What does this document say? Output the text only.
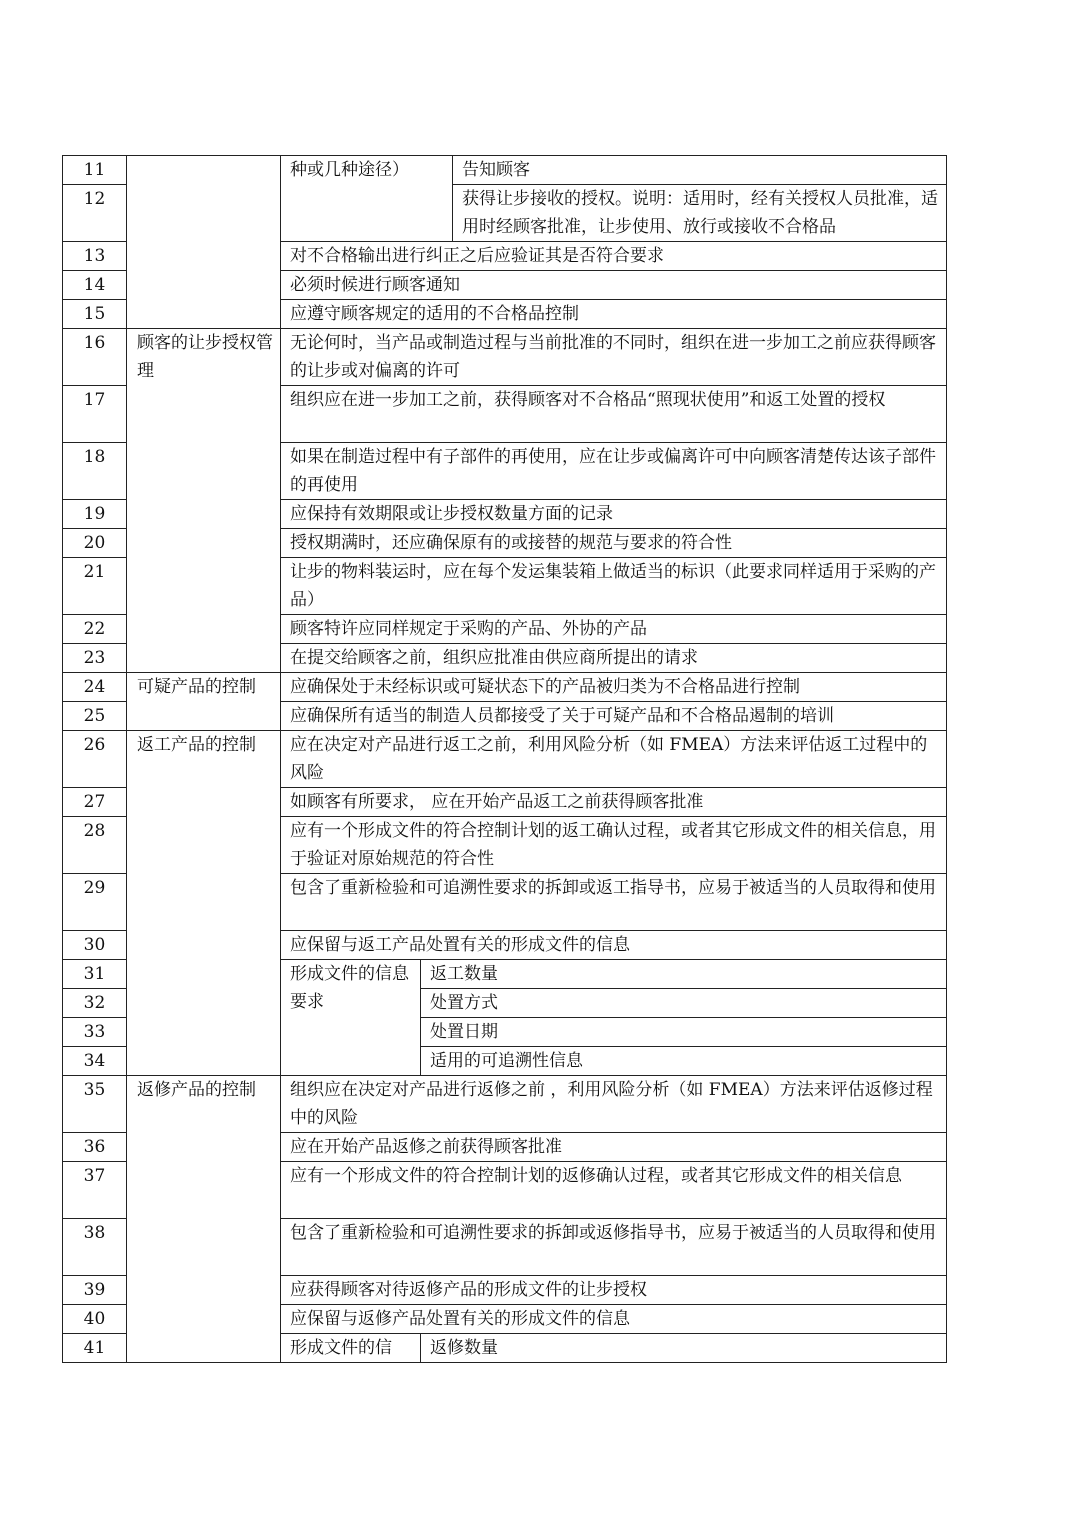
11		种或几种途径）		告知顾客
12				获得让步接收的授权。说明：适用时，经有关授权人员批准，适用时经顾客批准，让步使用、放行或接收不合格品
13		对不合格输出进行纠正之后应验证其是否符合要求		
14		必须时候进行顾客通知		
15		应遵守顾客规定的适用的不合格品控制		
16	顾客的让步授权管理	无论何时，当产品或制造过程与当前批准的不同时，组织在进一步加工之前应获得顾客的让步或对偏离的许可		
17		组织应在进一步加工之前，获得顾客对不合格品“照现状使用”和返工处置的授权		
18		如果在制造过程中有子部件的再使用，应在让步或偏离许可中向顾客清楚传达该子部件的再使用		
19		应保持有效期限或让步授权数量方面的记录		
20		授权期满时，还应确保原有的或接替的规范与要求的符合性		
21		让步的物料装运时，应在每个发运集装箱上做适当的标识（此要求同样适用于采购的产品）		
22		顾客特许应同样规定于采购的产品、外协的产品		
23		在提交给顾客之前，组织应批准由供应商所提出的请求		
24	可疑产品的控制	应确保处于未经标识或可疑状态下的产品被归类为不合格品进行控制		
25		应确保所有适当的制造人员都接受了关于可疑产品和不合格品遏制的培训		
26	返工产品的控制	应在决定对产品进行返工之前，利用风险分析（如 FMEA）方法来评估返工过程中的风险		
27		如顾客有所要求， 应在开始产品返工之前获得顾客批准		
28		应有一个形成文件的符合控制计划的返工确认过程，或者其它形成文件的相关信息，用于验证对原始规范的符合性		
29		包含了重新检验和可追溯性要求的拆卸或返工指导书，应易于被适当的人员取得和使用		
30		应保留与返工产品处置有关的形成文件的信息		
31		形成文件的信息要求	返工数量	
32			处置方式	
33			处置日期	
34			适用的可追溯性信息	
35	返修产品的控制	组织应在决定对产品进行返修之前 ，利用风险分析（如 FMEA）方法来评估返修过程中的风险		
36		应在开始产品返修之前获得顾客批准		
37		应有一个形成文件的符合控制计划的返修确认过程，或者其它形成文件的相关信息		
38		包含了重新检验和可追溯性要求的拆卸或返修指导书，应易于被适当的人员取得和使用		
39		应获得顾客对待返修产品的形成文件的让步授权		
40		应保留与返修产品处置有关的形成文件的信息		
41		形成文件的信	返修数量	
